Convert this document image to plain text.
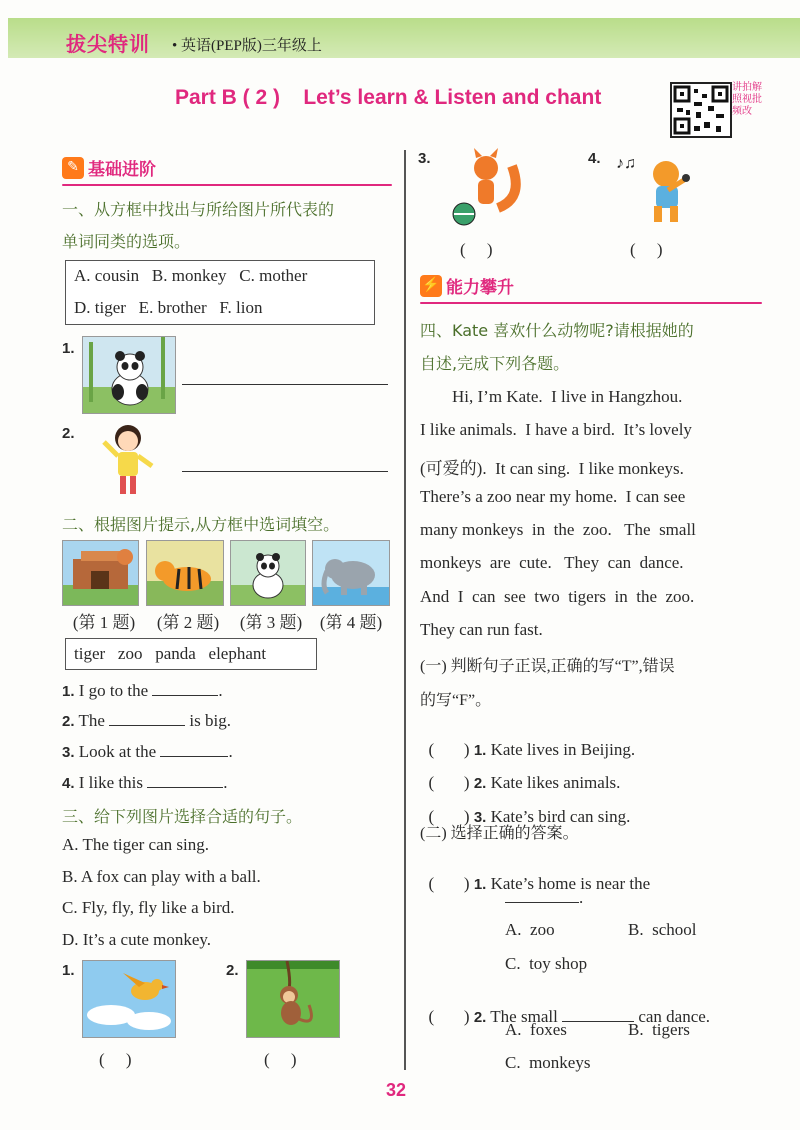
拔尖特训 • 英语(PEP版)三年级上
Part B ( 2 )    Let’s learn & Listen and chant	讲拍解照视批频改
✎ 基础进阶
一、从方框中找出与所给图片所代表的
单词同类的选项。
A. cousin   B. monkey   C. mother
D. tiger   E. brother   F. lion
1.
2.
二、根据图片提示,从方框中选词填空。
(第 1 题)	(第 2 题)	(第 3 题)	(第 4 题)
tiger   zoo   panda   elephant
1. I go to the	.
2. The	is big.
3. Look at the	.
4. I like this	.
三、给下列图片选择合适的句子。
A. The tiger can sing.
B. A fox can play with a ball.
C. Fly, fly, fly like a bird.
D. It’s a cute monkey.
1.
(     )
2.
(     )
3.
(     )
4. ♪♫
(     )
⚡ 能力攀升
四、Kate 喜欢什么动物呢?请根据她的
自述,完成下列各题。
Hi, I’m Kate.  I live in Hangzhou.
I like animals.  I have a bird.  It’s lovely
(可爱的).  It can sing.  I like monkeys.
There’s a zoo near my home.  I can see
many monkeys  in  the  zoo.   The  small
monkeys  are  cute.   They  can  dance.
And  I  can  see  two  tigers  in  the  zoo.
They can run fast.
(一) 判断句子正误,正确的写“T”,错误
的写“F”。

(       ) 1. Kate lives in Beijing.

(       ) 2. Kate likes animals.

(       ) 3. Kate’s bird can sing.

(二) 选择正确的答案。

(       ) 1. Kate’s home is near the

.
A.  zoo	B.  school
C.  toy shop

(       ) 2. The small	can dance.

A.  foxes	B.  tigers
C.  monkeys
32
